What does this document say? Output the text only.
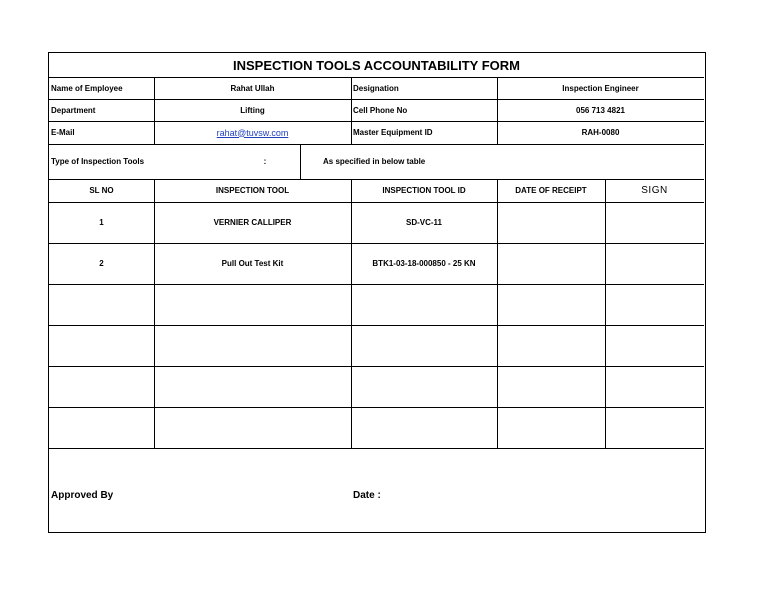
INSPECTION TOOLS ACCOUNTABILITY FORM
Name of Employee	Rahat Ullah	Designation	Inspection Engineer
Department	Lifting	Cell Phone No	056 713 4821
E-Mail	rahat@tuvsw.com	Master Equipment ID	RAH-0080
Type of Inspection Tools	:	As specified in below table
SL NO	INSPECTION TOOL	INSPECTION TOOL ID	DATE OF RECEIPT	SIGN
1	VERNIER CALLIPER	SD-VC-11
2	Pull Out Test Kit	BTK1-03-18-000850 - 25 KN
Approved By	Date :
